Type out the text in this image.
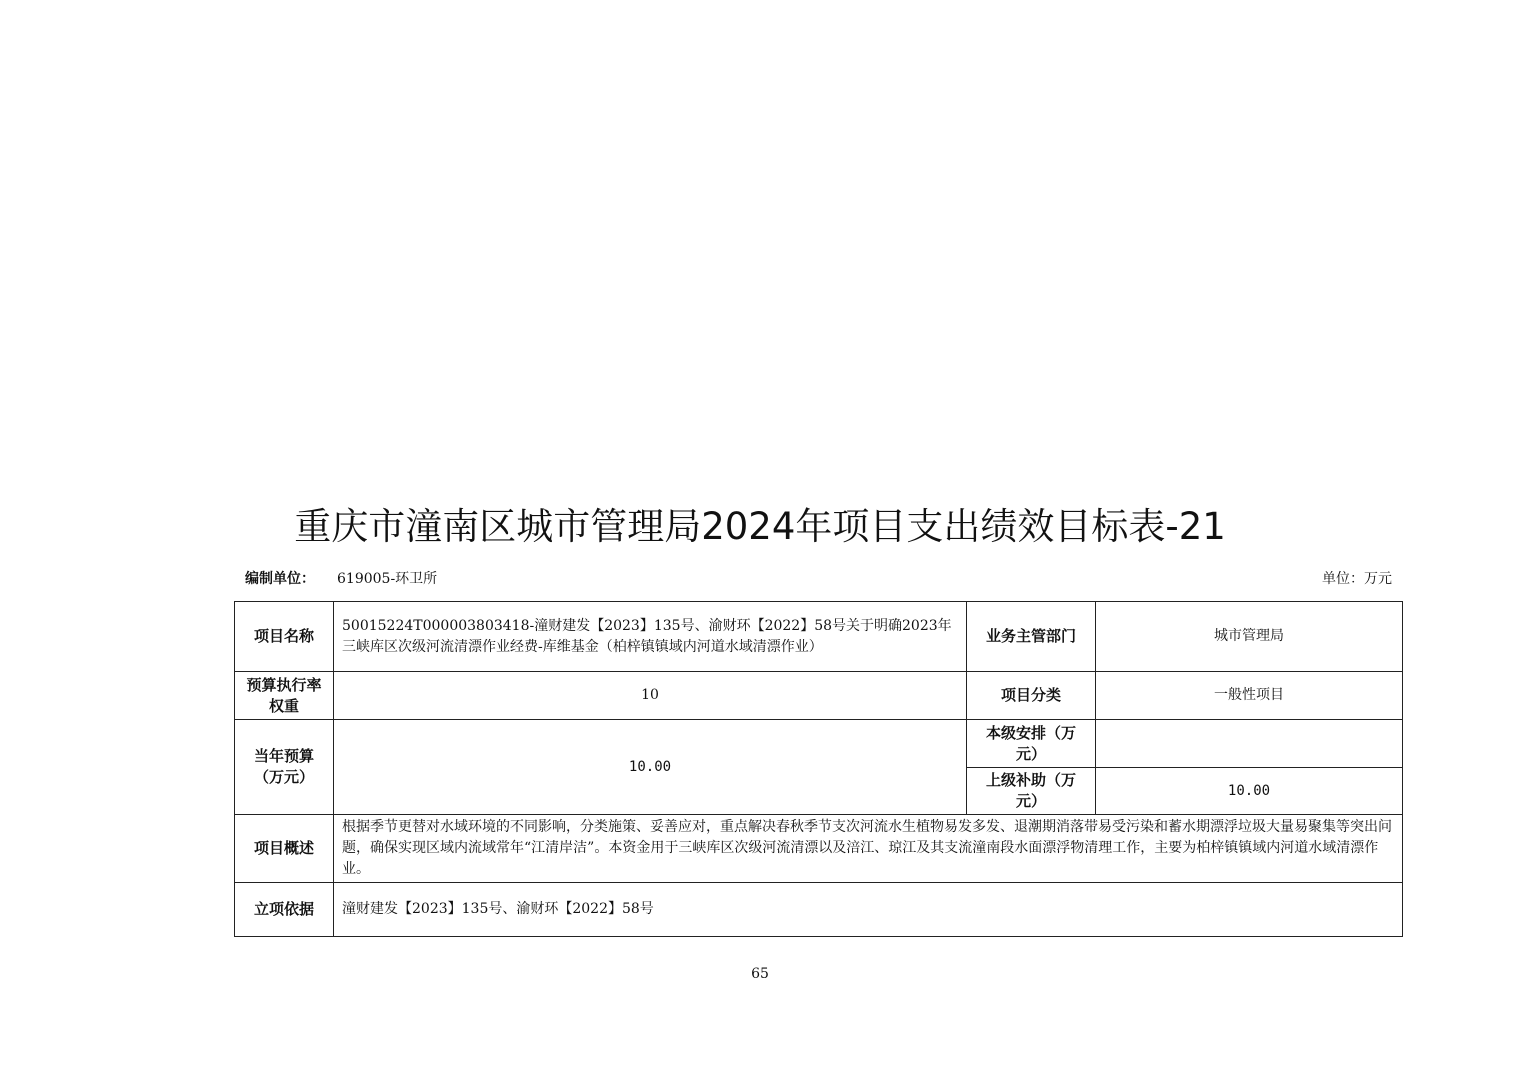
重庆市潼南区城市管理局2024年项目支出绩效目标表-21
编制单位： 619005-环卫所	单位：万元
项目名称	50015224T000003803418-潼财建发【2023】135号、渝财环【2022】58号关于明确2023年三峡库区次级河流清漂作业经费-库维基金（柏梓镇镇域内河道水域清漂作业）	业务主管部门	城市管理局
预算执行率权重	10	项目分类	一般性项目
当年预算（万元）	10.00	本级安排（万元）	
		上级补助（万元）	10.00
项目概述	根据季节更替对水域环境的不同影响，分类施策、妥善应对，重点解决春秋季节支次河流水生植物易发多发、退潮期消落带易受污染和蓄水期漂浮垃圾大量易聚集等突出问题，确保实现区域内流域常年“江清岸洁”。本资金用于三峡库区次级河流清漂以及涪江、琼江及其支流潼南段水面漂浮物清理工作，主要为柏梓镇镇域内河道水域清漂作业。		
立项依据	潼财建发【2023】135号、渝财环【2022】58号		
65
